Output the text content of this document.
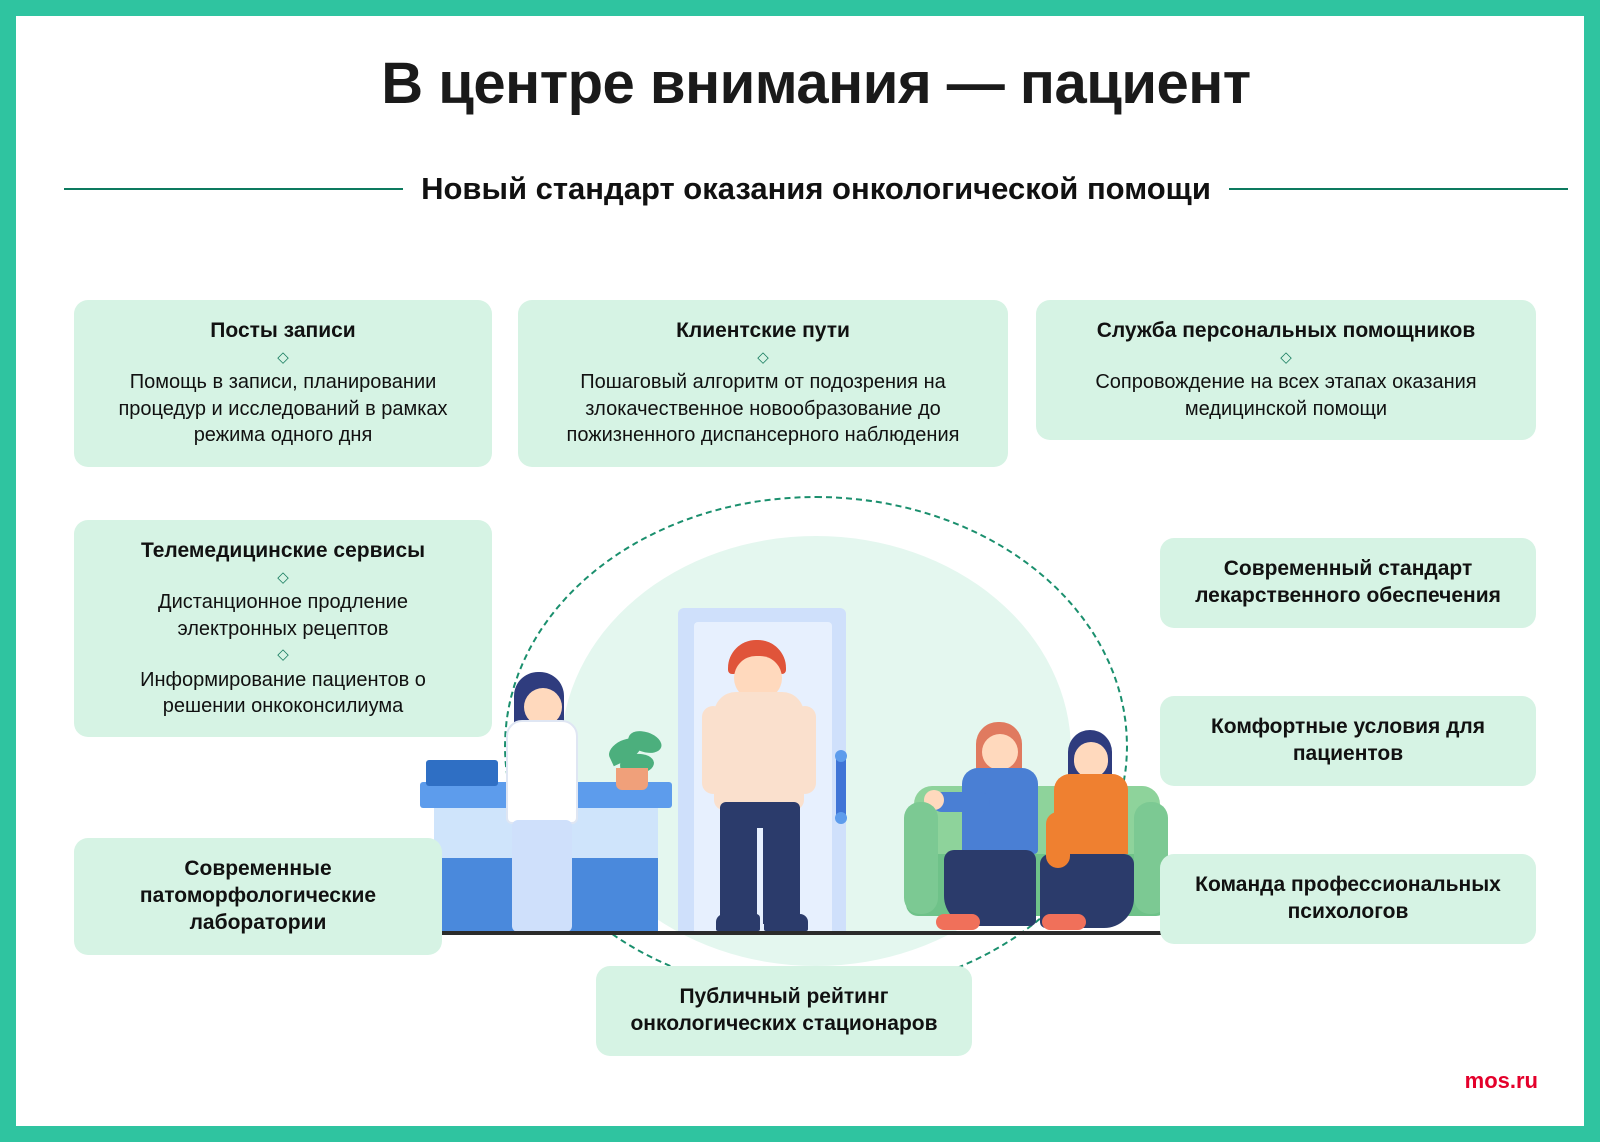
В центре внимания — пациент
Новый стандарт оказания онкологической помощи
Посты записи
◇
Помощь в записи, планировании процедур и исследований в рамках режима одного дня
Клиентские пути
◇
Пошаговый алгоритм от подозрения на злокачественное новообразование до пожизненного диспансерного наблюдения
Служба персональных помощников
◇
Сопровождение на всех этапах оказания медицинской помощи
Телемедицинские сервисы
◇
Дистанционное продление электронных рецептов
◇
Информирование пациентов о решении онкоконсилиума
Современный стандарт лекарственного обеспечения
Комфортные условия для пациентов
Современные патоморфологические лаборатории
Команда профессиональных психологов
Публичный рейтинг онкологических стационаров
mos.ru
